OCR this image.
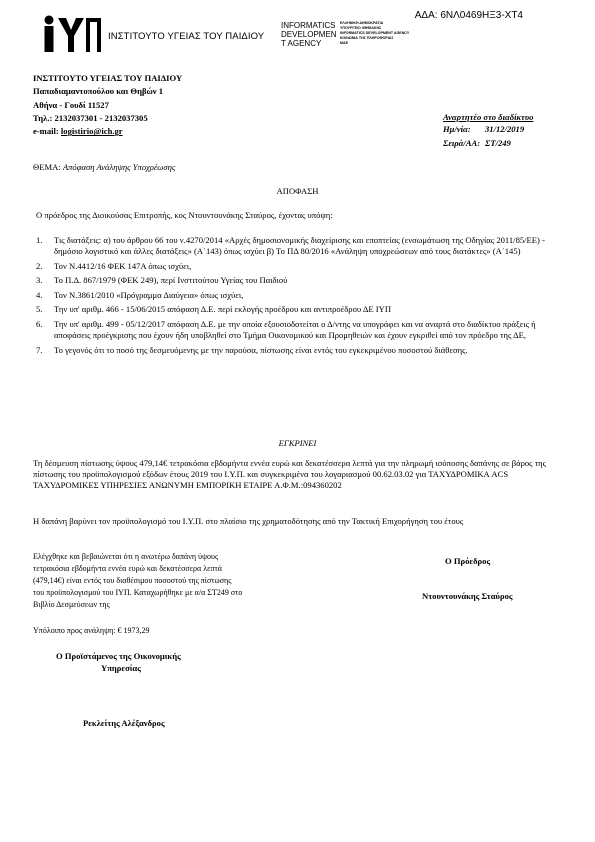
ΑΔΑ: 6ΝΛ0469ΗΞ3-ΧΤ4
ΙΝΣΤΙΤΟΥΤΟ ΥΓΕΙΑΣ ΤΟΥ ΠΑΙΔΙΟΥ
INFORMATICS
DEVELOPMEN
T AGENCY
ΕΛΛΗΝΙΚΗ ΔΗΜΟΚΡΑΤΙΑ
ΥΠΟΥΡΓΕΙΟ ΨΗΦΙΑΚΗΣ
INFORMATICS DEVELOPMENT AGENCY
ΚΟΙΝΩΝΙΑ ΤΗΣ ΠΛΗΡΟΦΟΡΙΑΣ
ΜΑΕ
ΙΝΣΤΙΤΟΥΤΟ ΥΓΕΙΑΣ ΤΟΥ ΠΑΙΔΙΟΥ
Παπαδιαμαντοπούλου και Θηβών 1
Αθήνα - Γουδί 11527
Τηλ.: 2132037301 - 2132037305
e-mail: logistirio@ich.gr
Αναρτητέο στο διαδίκτυο
Ημ/νία: 31/12/2019
Σειρά/ΑΑ: ΣΤ/249
ΘΕΜΑ: Απόφαση Ανάληψης Υποχρέωσης
ΑΠΟΦΑΣΗ
Ο πρόεδρος της Διοικούσας Επιτροπής, κος Ντουντουνάκης Σταύρος, έχοντας υπόψη:
1. Τις διατάξεις: α) του άρθρου 66 του ν.4270/2014 «Αρχές δημοσιονομικής διαχείρισης και εποπτείας (ενσωμάτωση της Οδηγίας 2011/85/ΕΕ) - δημόσιο λογιστικό και άλλες διατάξεις» (Α΄143) όπως ισχύει β) Το ΠΔ 80/2016 «Ανάληψη υποχρεώσεων από τους διατάκτες» (Α΄145)
2. Τον Ν.4412/16 ΦΕΚ 147Α όπως ισχύει,
3. Το Π.Δ. 867/1979 (ΦΕΚ 249), περί Ινστιτούτου Υγείας του Παιδιού
4. Τον Ν.3861/2010 «Πρόγραμμα Διαύγεια» όπως ισχύει,
5. Την υπ' αριθμ. 466 - 15/06/2015 απόφαση Δ.Ε. περί εκλογής προέδρου και αντιπροέδρου ΔΕ ΙΥΠ
6. Την υπ' αριθμ. 499 - 05/12/2017 απόφαση Δ.Ε. με την οποία εξουσιοδοτείται ο Δ/ντης να υπογράφει και να αναρτά στο διαδίκτυο πράξεις ή αποφάσεις προέγκρισης που έχουν ήδη υποβληθεί στο Τμήμα Οικονομικού και Προμηθειών και έχουν εγκριθεί από τον πρόεδρο της ΔΕ,
7. Το γεγονός ότι το ποσό της δεσμευόμενης με την παρούσα, πίστωσης είναι εντός του εγκεκριμένου ποσοστού διάθεσης.
ΕΓΚΡΙΝΕΙ
Τη δέσμευση πίστωσης ύψους 479,14€ τετρακόσια εβδομήντα εννέα ευρώ και δεκατέσσερα λεπτά για την πληρωμή ισόποσης δαπάνης σε βάρος της πίστωσης του προϋπολογισμού εξόδων έτους 2019 του Ι.Υ.Π. και συγκεκριμένα του λογαριασμού 00.62.03.02 για ΤΑΧΥΔΡΟΜΙΚΑ ACS ΤΑΧΥΔΡΟΜΙΚΕΣ ΥΠΗΡΕΣΙΕΣ ΑΝΩΝΥΜΗ ΕΜΠΟΡΙΚΗ ΕΤΑΙΡΕ Α.Φ.Μ.:094360202
Η δαπάνη βαρύνει τον προϋπολογισμό του Ι.Υ.Π. στο πλαίσιο της χρηματοδότησης από την Τακτική Επιχορήγηση του έτους
Ελέγχθηκε και βεβαιώνεται ότι η ανωτέρω δαπάνη ύψους τετρακόσια εβδομήντα εννέα ευρώ και δεκατέσσερα λεπτά (479,14€) είναι εντός του διαθέσιμου ποσοστού της πίστωσης του προϋπολογισμού του ΙΥΠ. Καταχωρήθηκε με α/α ΣΤ249 στο Βιβλίο Δεσμεύσεων της
Υπόλοιπο προς ανάληψη: € 1973,29
Ο Πρόεδρος
Ντουντουνάκης Σταύρος
Ο Προϊστάμενος της Οικονομικής
Υπηρεσίας
Ρεκλείτης Αλέξανδρος
